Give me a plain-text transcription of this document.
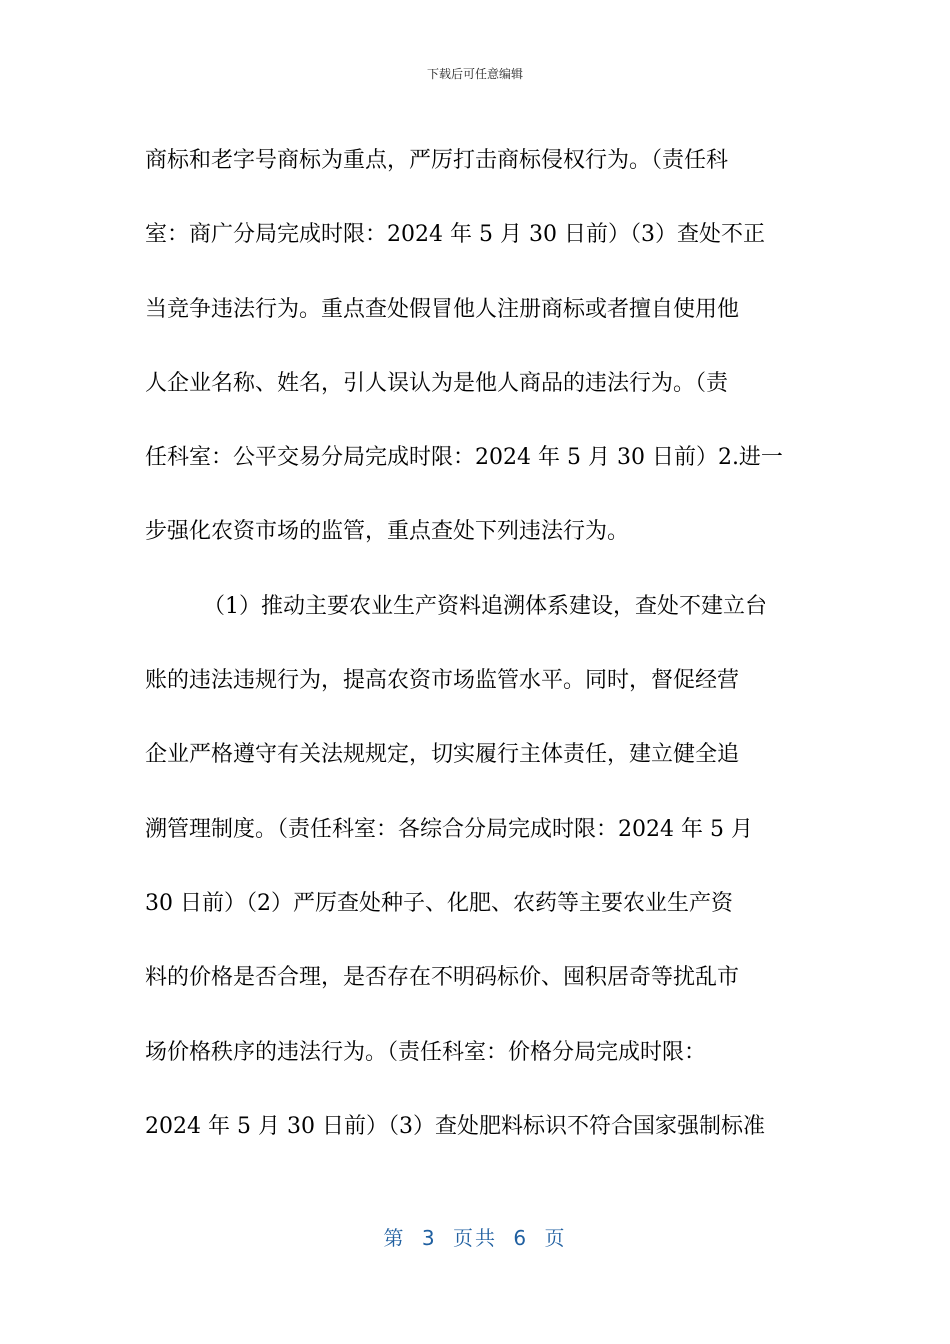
下载后可任意编辑
商标和老字号商标为重点，严厉打击商标侵权行为。（责任科
室：商广分局完成时限：2024 年 5 月 30 日前）（3）查处不正
当竞争违法行为。重点查处假冒他人注册商标或者擅自使用他
人企业名称、姓名，引人误认为是他人商品的违法行为。（责
任科室：公平交易分局完成时限：2024 年 5 月 30 日前）2.进一
步强化农资市场的监管，重点查处下列违法行为。
（1）推动主要农业生产资料追溯体系建设，查处不建立台
账的违法违规行为，提高农资市场监管水平。同时，督促经营
企业严格遵守有关法规规定，切实履行主体责任，建立健全追
溯管理制度。（责任科室：各综合分局完成时限：2024 年 5 月
30 日前）（2）严厉查处种子、化肥、农药等主要农业生产资
料的价格是否合理，是否存在不明码标价、囤积居奇等扰乱市
场价格秩序的违法行为。（责任科室：价格分局完成时限：
2024 年 5 月 30 日前）（3）查处肥料标识不符合国家强制标准
第 3 页共 6 页
